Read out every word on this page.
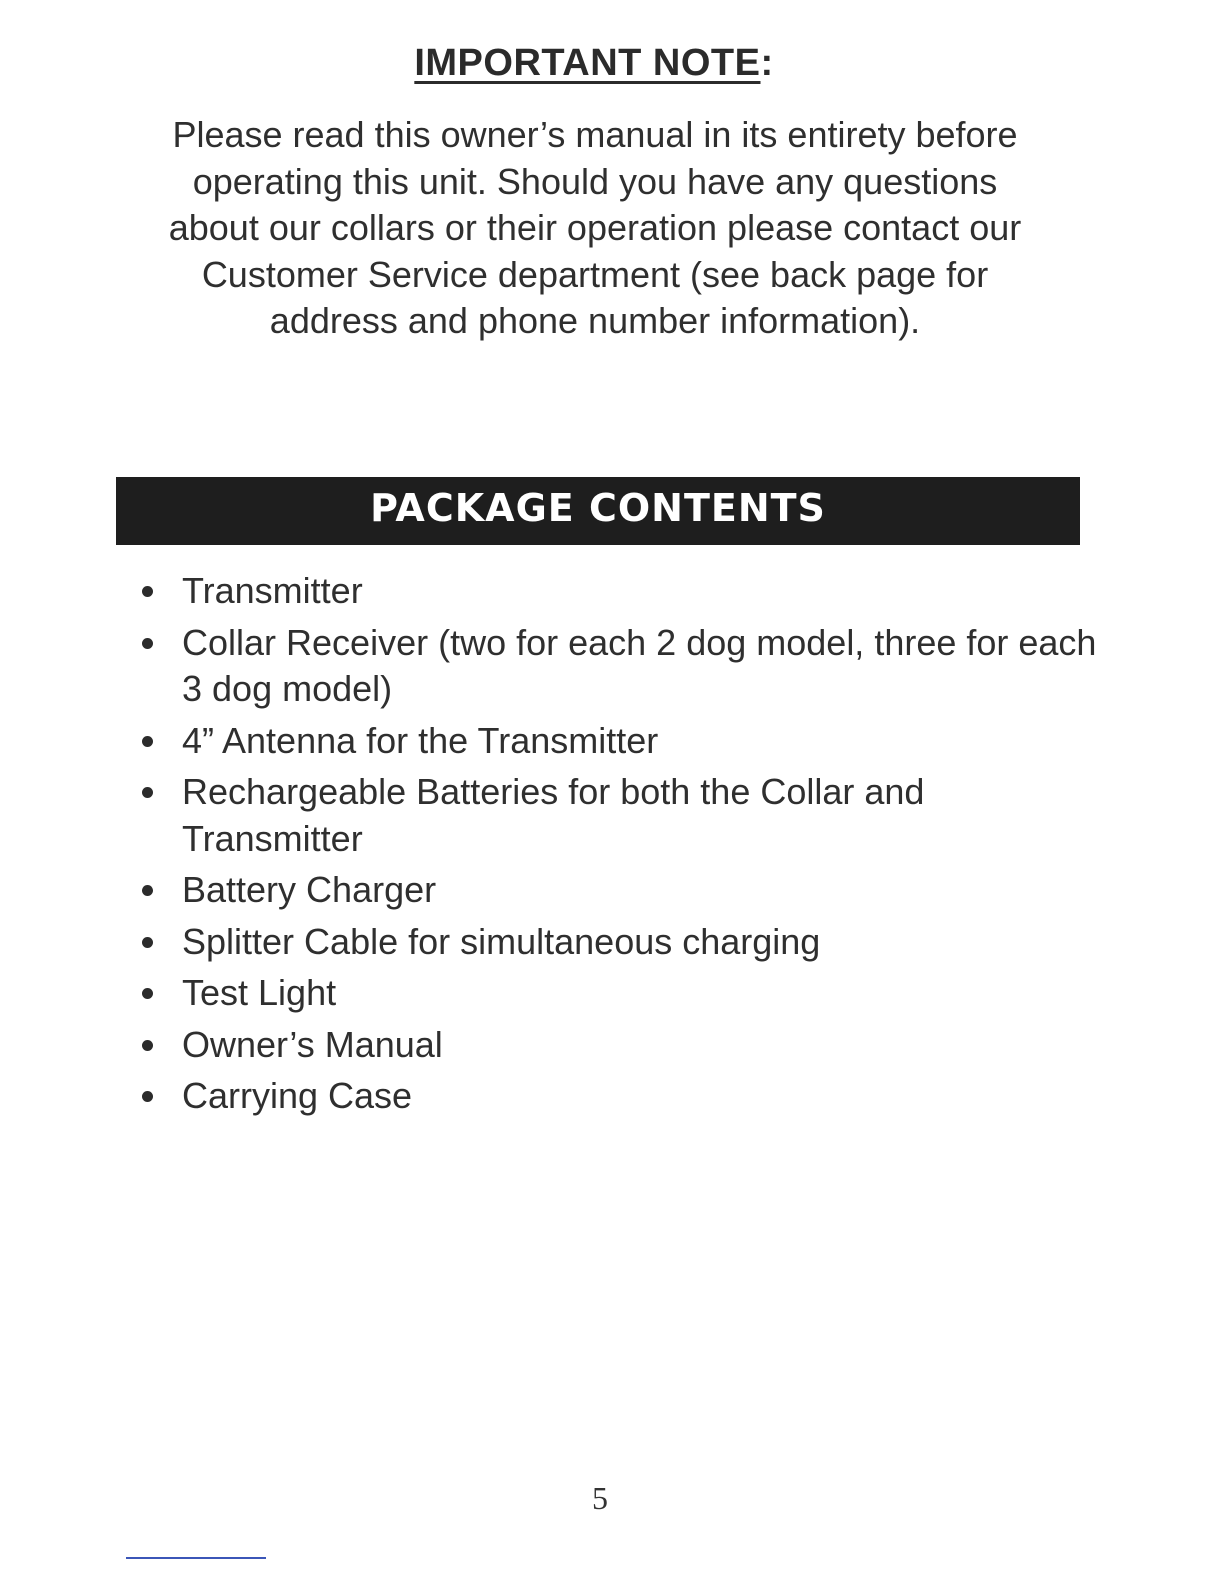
IMPORTANT NOTE:
Please read this owner’s manual in its entirety before operating this unit. Should you have any questions about our collars or their operation please contact our Customer Service department (see back page for address and phone number information).
PACKAGE CONTENTS
Transmitter
Collar Receiver (two for each 2 dog model, three for each 3 dog model)
4” Antenna for the Transmitter
Rechargeable Batteries for both the Collar and Transmitter
Battery Charger
Splitter Cable for simultaneous charging
Test Light
Owner’s Manual
Carrying Case
5
